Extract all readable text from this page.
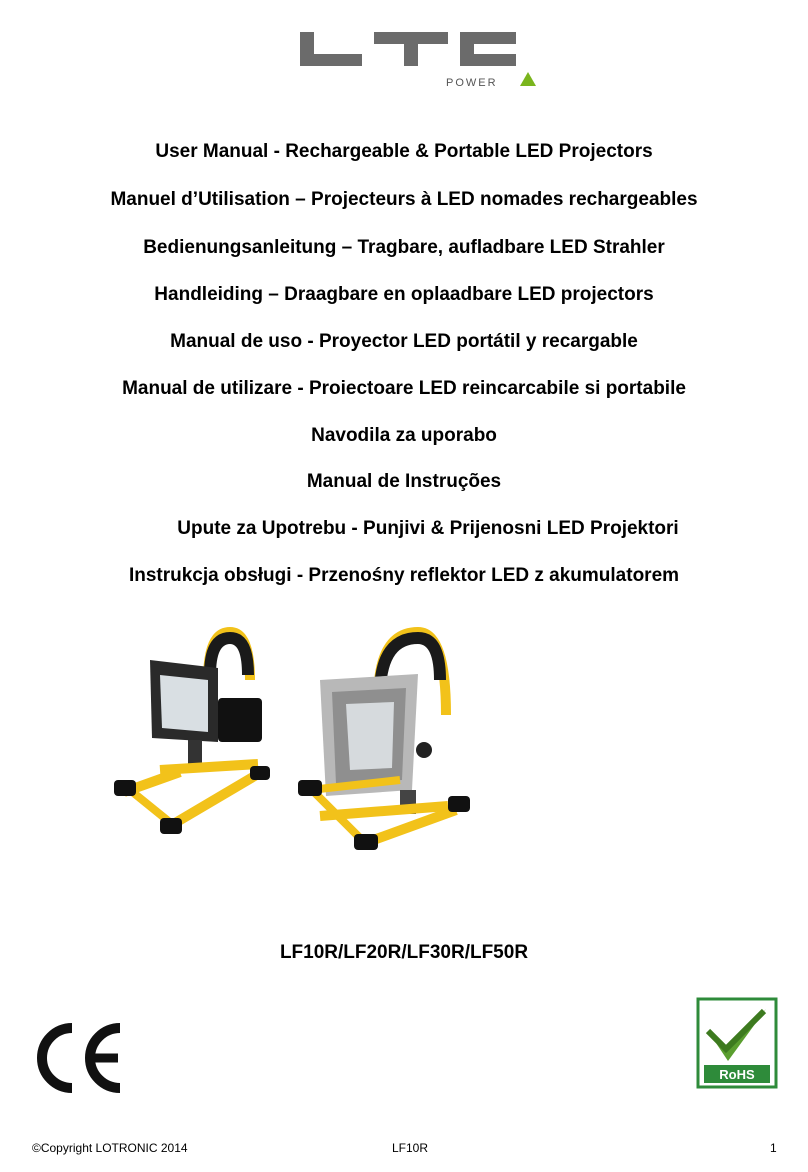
POWER
User Manual - Rechargeable & Portable LED Projectors
Manuel d’Utilisation – Projecteurs à LED nomades rechargeables
Bedienungsanleitung – Tragbare, aufladbare LED Strahler
Handleiding – Draagbare en oplaadbare LED projectors
Manual de uso - Proyector LED portátil y recargable
Manual de utilizare - Proiectoare LED reincarcabile si portabile
Navodila za uporabo
Manual de Instruções
Upute za Upotrebu - Punjivi & Prijenosni LED Projektori
Instrukcja obsługi - Przenośny reflektor LED z akumulatorem
LF10R/LF20R/LF30R/LF50R
RoHS
©Copyright LOTRONIC 2014	LF10R	1
